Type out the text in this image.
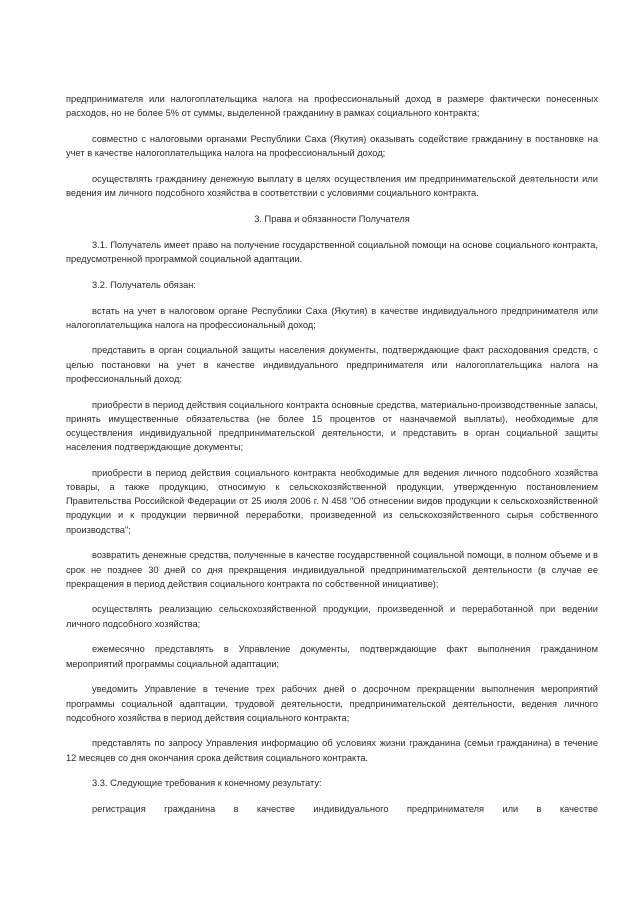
предпринимателя или налогоплательщика налога на профессиональный доход в размере фактически понесенных расходов, но не более 5% от суммы, выделенной гражданину в рамках социального контракта;

совместно с налоговыми органами Республики Саха (Якутия) оказывать содействие гражданину в постановке на учет в качестве налогоплательщика налога на профессиональный доход;

осуществлять гражданину денежную выплату в целях осуществления им предпринимательской деятельности или ведения им личного подсобного хозяйства в соответствии с условиями социального контракта.

3. Права и обязанности Получателя

3.1. Получатель имеет право на получение государственной социальной помощи на основе социального контракта, предусмотренной программой социальной адаптации.

3.2. Получатель обязан:

встать на учет в налоговом органе Республики Саха (Якутия) в качестве индивидуального предпринимателя или налогоплательщика налога на профессиональный доход;

представить в орган социальной защиты населения документы, подтверждающие факт расходования средств, с целью постановки на учет в качестве индивидуального предпринимателя или налогоплательщика налога на профессиональный доход;

приобрести в период действия социального контракта основные средства, материально-производственные запасы, принять имущественные обязательства (не более 15 процентов от назначаемой выплаты), необходимые для осуществления индивидуальной предпринимательской деятельности, и представить в орган социальной защиты населения подтверждающие документы;

приобрести в период действия социального контракта необходимые для ведения личного подсобного хозяйства товары, а также продукцию, относимую к сельскохозяйственной продукции, утвержденную постановлением Правительства Российской Федерации от 25 июля 2006 г. N 458 "Об отнесении видов продукции к сельскохозяйственной продукции и к продукции первичной переработки, произведенной из сельскохозяйственного сырья собственного производства";

возвратить денежные средства, полученные в качестве государственной социальной помощи, в полном объеме и в срок не позднее 30 дней со дня прекращения индивидуальной предпринимательской деятельности (в случае ее прекращения в период действия социального контракта по собственной инициативе);

осуществлять реализацию сельскохозяйственной продукции, произведенной и переработанной при ведении личного подсобного хозяйства;

ежемесячно представлять в Управление документы, подтверждающие факт выполнения гражданином мероприятий программы социальной адаптации;

уведомить Управление в течение трех рабочих дней о досрочном прекращении выполнения мероприятий программы социальной адаптации, трудовой деятельности, предпринимательской деятельности, ведения личного подсобного хозяйства в период действия социального контракта;

представлять по запросу Управления информацию об условиях жизни гражданина (семьи гражданина) в течение 12 месяцев со дня окончания срока действия социального контракта.

3.3. Следующие требования к конечному результату:

регистрация гражданина в качестве индивидуального предпринимателя или в качестве
